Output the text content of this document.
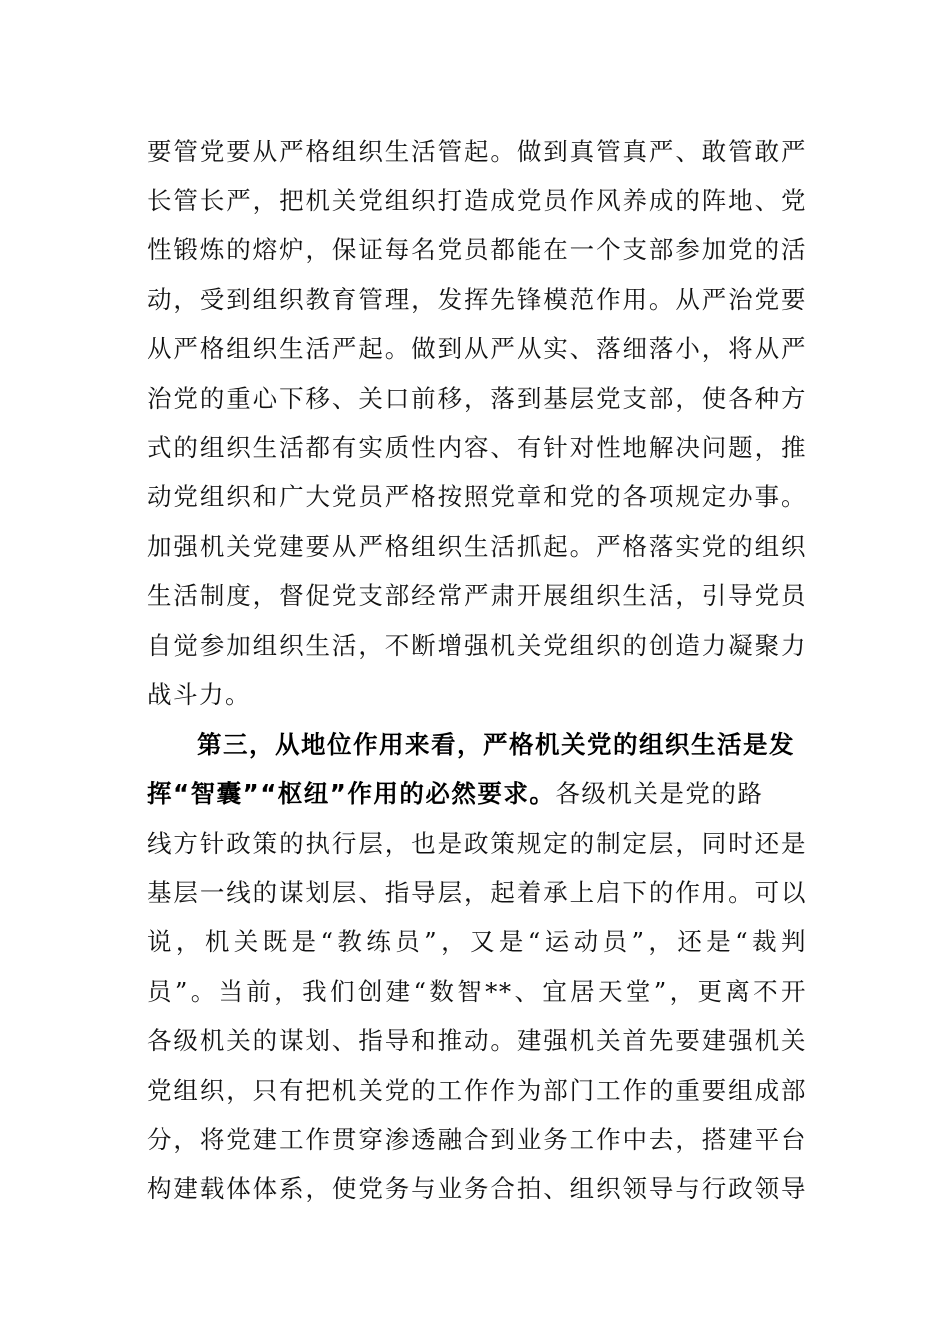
要管党要从严格组织生活管起。做到真管真严、敢管敢严
长管长严，把机关党组织打造成党员作风养成的阵地、党
性锻炼的熔炉，保证每名党员都能在一个支部参加党的活
动，受到组织教育管理，发挥先锋模范作用。从严治党要
从严格组织生活严起。做到从严从实、落细落小，将从严
治党的重心下移、关口前移，落到基层党支部，使各种方
式的组织生活都有实质性内容、有针对性地解决问题，推
动党组织和广大党员严格按照党章和党的各项规定办事。
加强机关党建要从严格组织生活抓起。严格落实党的组织
生活制度，督促党支部经常严肃开展组织生活，引导党员
自觉参加组织生活，不断增强机关党组织的创造力凝聚力
战斗力。
第三，从地位作用来看，严格机关党的组织生活是发
挥“智囊”“枢纽”作用的必然要求。各级机关是党的路
线方针政策的执行层，也是政策规定的制定层，同时还是
基层一线的谋划层、指导层，起着承上启下的作用。可以
说，机关既是“教练员”，又是“运动员”，还是“裁判
员”。当前，我们创建“数智**、宜居天堂”，更离不开
各级机关的谋划、指导和推动。建强机关首先要建强机关
党组织，只有把机关党的工作作为部门工作的重要组成部
分，将党建工作贯穿渗透融合到业务工作中去，搭建平台
构建载体体系，使党务与业务合拍、组织领导与行政领导
